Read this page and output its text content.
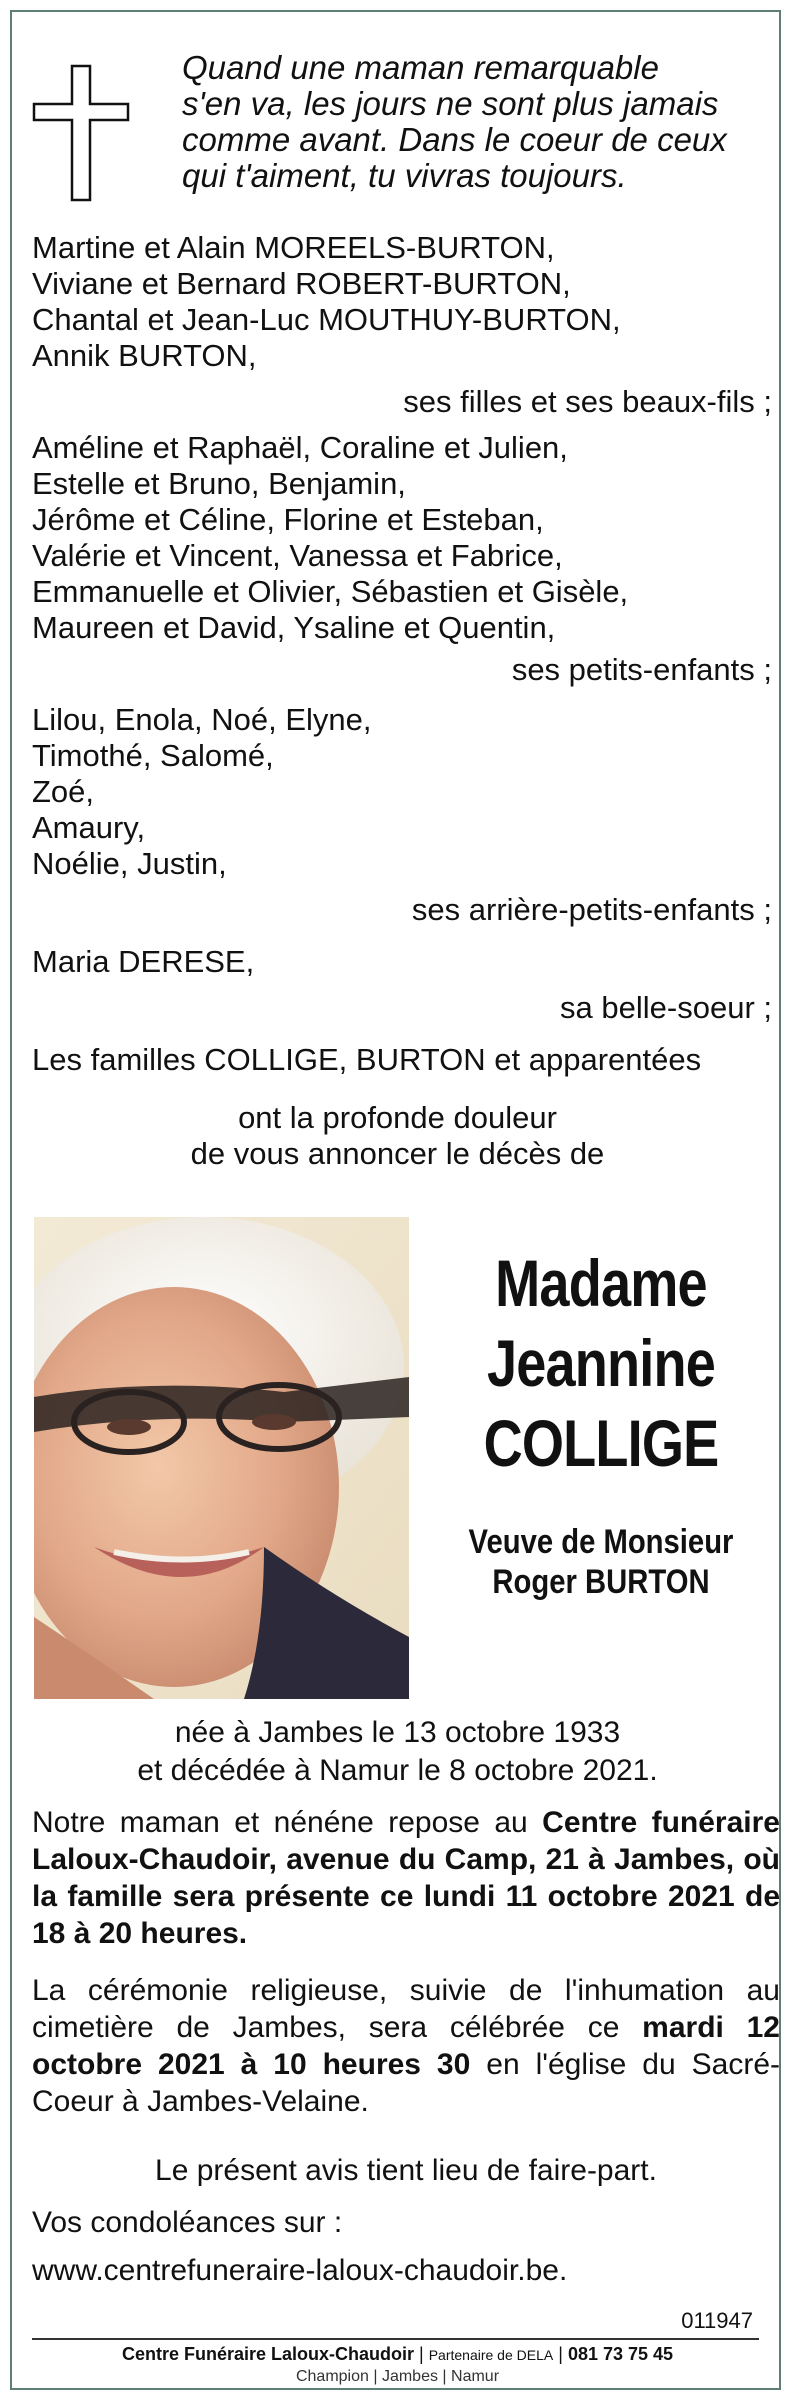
Quand une maman remarquable
s'en va, les jours ne sont plus jamais
comme avant. Dans le coeur de ceux
qui t'aiment, tu vivras toujours.
Martine et Alain MOREELS-BURTON,
Viviane et Bernard ROBERT-BURTON,
Chantal et Jean-Luc MOUTHUY-BURTON,
Annik BURTON,
ses filles et ses beaux-fils ;
Améline et Raphaël, Coraline et Julien,
Estelle et Bruno, Benjamin,
Jérôme et Céline, Florine et Esteban,
Valérie et Vincent, Vanessa et Fabrice,
Emmanuelle et Olivier, Sébastien et Gisèle,
Maureen et David, Ysaline et Quentin,
ses petits-enfants ;
Lilou, Enola, Noé, Elyne,
Timothé, Salomé,
Zoé,
Amaury,
Noélie, Justin,
ses arrière-petits-enfants ;
Maria DERESE,
sa belle-soeur ;
Les familles COLLIGE, BURTON et apparentées
ont la profonde douleur
de vous annoncer le décès de
Madame
Jeannine
COLLIGE
Veuve de Monsieur
Roger BURTON
née à Jambes le 13 octobre 1933
et décédée à Namur le 8 octobre 2021.
Notre maman et nénéne repose au Centre funéraire Laloux-Chaudoir, avenue du Camp, 21 à Jambes, où la famille sera présente ce lundi 11 octobre 2021 de 18 à 20 heures.
La cérémonie religieuse, suivie de l'inhumation au cimetière de Jambes, sera célébrée ce mardi 12 octobre 2021 à 10 heures 30 en l'église du Sacré-Coeur à Jambes-Velaine.
Le présent avis tient lieu de faire-part.
Vos condoléances sur :
www.centrefuneraire-laloux-chaudoir.be.
011947
Centre Funéraire Laloux-Chaudoir | Partenaire de DELA | 081 73 75 45
Champion | Jambes | Namur
